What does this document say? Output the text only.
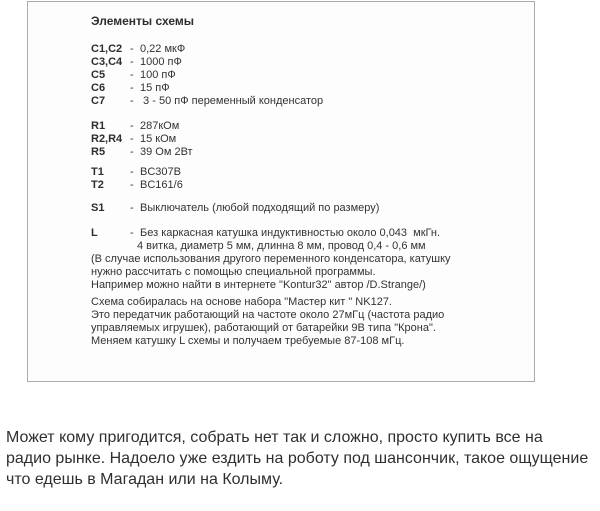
Элементы схемы
C1,C2 - 0,22 мкФ
C3,C4 - 1000 пФ
C5 - 100 пФ
C6 - 15 пФ
C7 - 3 - 50 пФ переменный конденсатор
R1 - 287кОм
R2,R4 - 15 кОм
R5 - 39 Ом 2Вт
T1 - BC307B
T2 - BC161/6
S1 - Выключатель (любой подходящий по размеру)
L	- Без каркасная катушка индуктивностью около 0,043  мкГн.
4 витка, диаметр 5 мм, длинна 8 мм, провод 0,4 - 0,6 мм
(В случае использования другого переменного конденсатора, катушку
нужно рассчитать с помощью специальной программы.
Например можно найти в интернете "Kontur32" автор /D.Strange/)
Схема собиралась на основе набора "Мастер кит " NK127.
Это передатчик работающий на частоте около 27мГц (частота радио
управляемых игрушек), работающий от батарейки 9В типа "Крона".
Меняем катушку L схемы и получаем требуемые 87-108 мГц.
Может кому пригодится, собрать нет так и сложно, просто купить все на
радио рынке. Надоело уже ездить на роботу под шансончик, такое ощущение
что едешь в Магадан или на Колыму.
